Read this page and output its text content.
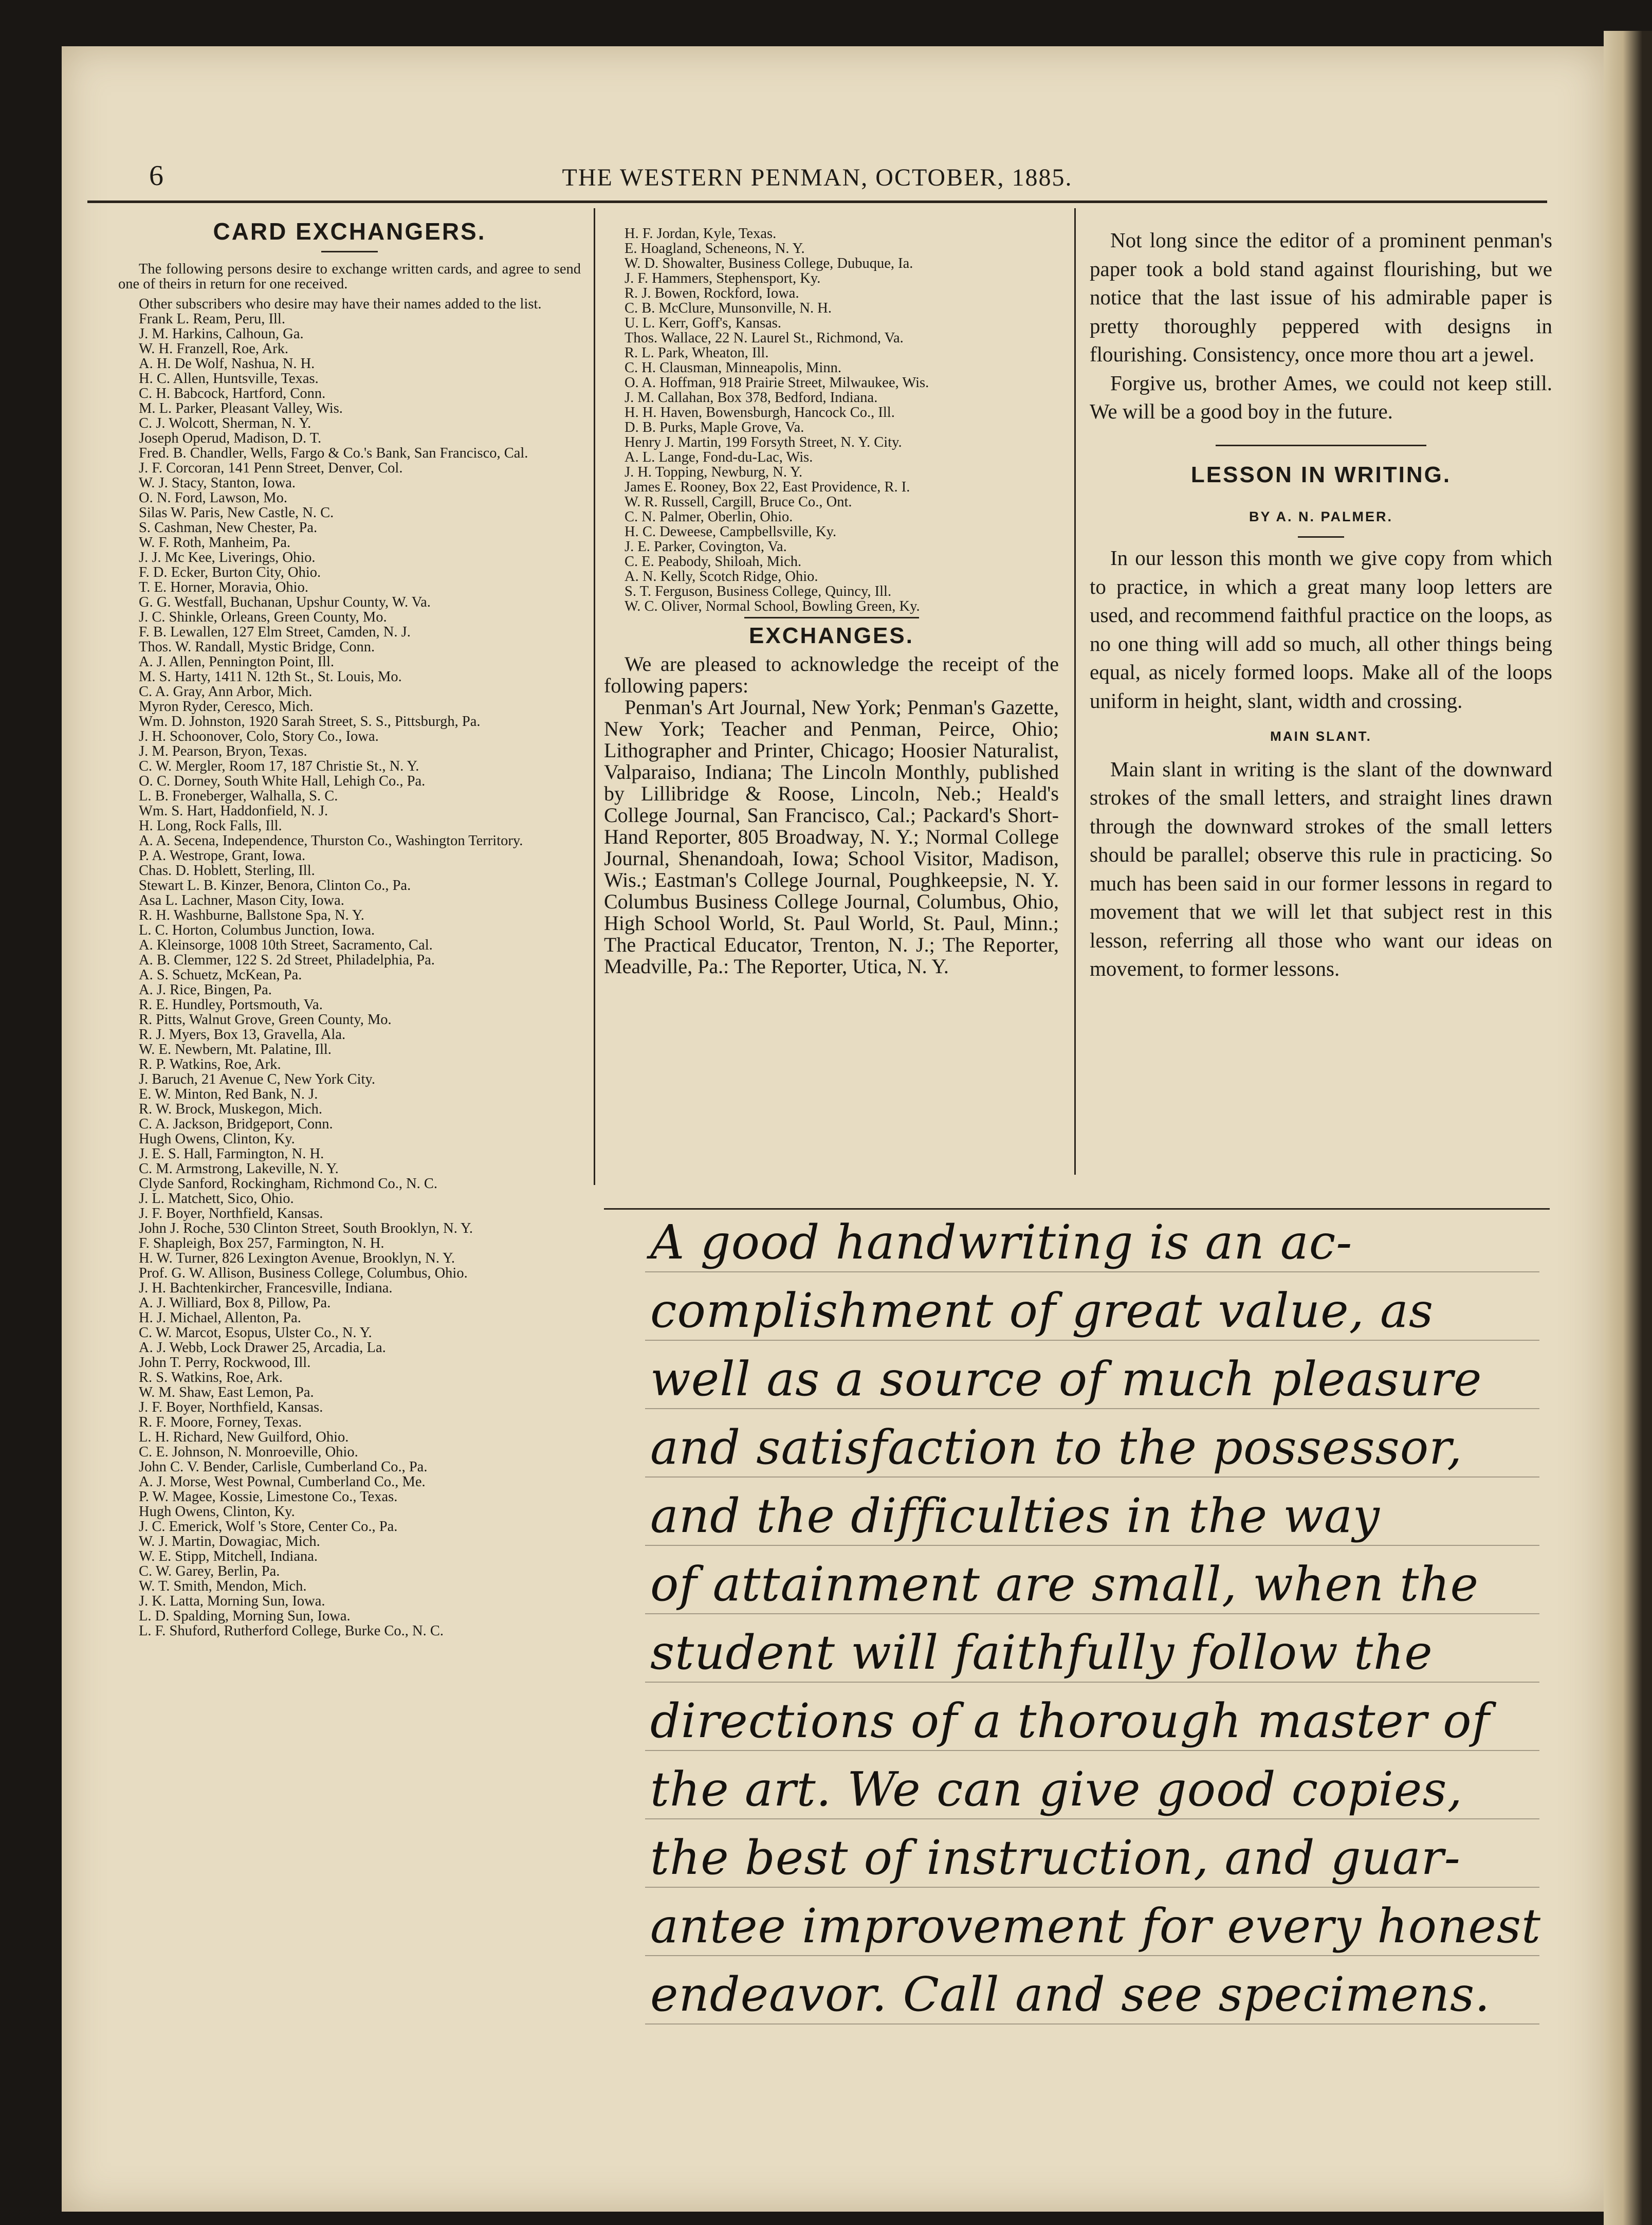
6	THE WESTERN PENMAN, OCTOBER, 1885.
CARD EXCHANGERS.

The following persons desire to exchange written cards, and agree to send one of theirs in return for one received.

Other subscribers who desire may have their names added to the list.

Frank L. Ream, Peru, Ill.
J. M. Harkins, Calhoun, Ga.
W. H. Franzell, Roe, Ark.
A. H. De Wolf, Nashua, N. H.
H. C. Allen, Huntsville, Texas.
C. H. Babcock, Hartford, Conn.
M. L. Parker, Pleasant Valley, Wis.
C. J. Wolcott, Sherman, N. Y.
Joseph Operud, Madison, D. T.
Fred. B. Chandler, Wells, Fargo & Co.'s Bank, San Francisco, Cal.
J. F. Corcoran, 141 Penn Street, Denver, Col.
W. J. Stacy, Stanton, Iowa.
O. N. Ford, Lawson, Mo.
Silas W. Paris, New Castle, N. C.
S. Cashman, New Chester, Pa.
W. F. Roth, Manheim, Pa.
J. J. Mc Kee, Liverings, Ohio.
F. D. Ecker, Burton City, Ohio.
T. E. Horner, Moravia, Ohio.
G. G. Westfall, Buchanan, Upshur County, W. Va.
J. C. Shinkle, Orleans, Green County, Mo.
F. B. Lewallen, 127 Elm Street, Camden, N. J.
Thos. W. Randall, Mystic Bridge, Conn.
A. J. Allen, Pennington Point, Ill.
M. S. Harty, 1411 N. 12th St., St. Louis, Mo.
C. A. Gray, Ann Arbor, Mich.
Myron Ryder, Ceresco, Mich.
Wm. D. Johnston, 1920 Sarah Street, S. S., Pittsburgh, Pa.
J. H. Schoonover, Colo, Story Co., Iowa.
J. M. Pearson, Bryon, Texas.
C. W. Mergler, Room 17, 187 Christie St., N. Y.
O. C. Dorney, South White Hall, Lehigh Co., Pa.
L. B. Froneberger, Walhalla, S. C.
Wm. S. Hart, Haddonfield, N. J.
H. Long, Rock Falls, Ill.
A. A. Secena, Independence, Thurston Co., Washington Territory.
P. A. Westrope, Grant, Iowa.
Chas. D. Hoblett, Sterling, Ill.
Stewart L. B. Kinzer, Benora, Clinton Co., Pa.
Asa L. Lachner, Mason City, Iowa.
R. H. Washburne, Ballstone Spa, N. Y.
L. C. Horton, Columbus Junction, Iowa.
A. Kleinsorge, 1008 10th Street, Sacramento, Cal.
A. B. Clemmer, 122 S. 2d Street, Philadelphia, Pa.
A. S. Schuetz, McKean, Pa.
A. J. Rice, Bingen, Pa.
R. E. Hundley, Portsmouth, Va.
R. Pitts, Walnut Grove, Green County, Mo.
R. J. Myers, Box 13, Gravella, Ala.
W. E. Newbern, Mt. Palatine, Ill.
R. P. Watkins, Roe, Ark.
J. Baruch, 21 Avenue C, New York City.
E. W. Minton, Red Bank, N. J.
R. W. Brock, Muskegon, Mich.
C. A. Jackson, Bridgeport, Conn.
Hugh Owens, Clinton, Ky.
J. E. S. Hall, Farmington, N. H.
C. M. Armstrong, Lakeville, N. Y.
Clyde Sanford, Rockingham, Richmond Co., N. C.
J. L. Matchett, Sico, Ohio.
J. F. Boyer, Northfield, Kansas.
John J. Roche, 530 Clinton Street, South Brooklyn, N. Y.
F. Shapleigh, Box 257, Farmington, N. H.
H. W. Turner, 826 Lexington Avenue, Brooklyn, N. Y.
Prof. G. W. Allison, Business College, Columbus, Ohio.
J. H. Bachtenkircher, Francesville, Indiana.
A. J. Williard, Box 8, Pillow, Pa.
H. J. Michael, Allenton, Pa.
C. W. Marcot, Esopus, Ulster Co., N. Y.
A. J. Webb, Lock Drawer 25, Arcadia, La.
John T. Perry, Rockwood, Ill.
R. S. Watkins, Roe, Ark.
W. M. Shaw, East Lemon, Pa.
J. F. Boyer, Northfield, Kansas.
R. F. Moore, Forney, Texas.
L. H. Richard, New Guilford, Ohio.
C. E. Johnson, N. Monroeville, Ohio.
John C. V. Bender, Carlisle, Cumberland Co., Pa.
A. J. Morse, West Pownal, Cumberland Co., Me.
P. W. Magee, Kossie, Limestone Co., Texas.
Hugh Owens, Clinton, Ky.
J. C. Emerick, Wolf 's Store, Center Co., Pa.
W. J. Martin, Dowagiac, Mich.
W. E. Stipp, Mitchell, Indiana.
C. W. Garey, Berlin, Pa.
W. T. Smith, Mendon, Mich.
J. K. Latta, Morning Sun, Iowa.
L. D. Spalding, Morning Sun, Iowa.
L. F. Shuford, Rutherford College, Burke Co., N. C.
H. F. Jordan, Kyle, Texas.
E. Hoagland, Scheneons, N. Y.
W. D. Showalter, Business College, Dubuque, Ia.
J. F. Hammers, Stephensport, Ky.
R. J. Bowen, Rockford, Iowa.
C. B. McClure, Munsonville, N. H.
U. L. Kerr, Goff's, Kansas.
Thos. Wallace, 22 N. Laurel St., Richmond, Va.
R. L. Park, Wheaton, Ill.
C. H. Clausman, Minneapolis, Minn.
O. A. Hoffman, 918 Prairie Street, Milwaukee, Wis.
J. M. Callahan, Box 378, Bedford, Indiana.
H. H. Haven, Bowensburgh, Hancock Co., Ill.
D. B. Purks, Maple Grove, Va.
Henry J. Martin, 199 Forsyth Street, N. Y. City.
A. L. Lange, Fond-du-Lac, Wis.
J. H. Topping, Newburg, N. Y.
James E. Rooney, Box 22, East Providence, R. I.
W. R. Russell, Cargill, Bruce Co., Ont.
C. N. Palmer, Oberlin, Ohio.
H. C. Deweese, Campbellsville, Ky.
J. E. Parker, Covington, Va.
C. E. Peabody, Shiloah, Mich.
A. N. Kelly, Scotch Ridge, Ohio.
S. T. Ferguson, Business College, Quincy, Ill.
W. C. Oliver, Normal School, Bowling Green, Ky.
EXCHANGES.

We are pleased to acknowledge the receipt of the following papers:

Penman's Art Journal, New York; Penman's Gazette, New York; Teacher and Penman, Peirce, Ohio; Lithographer and Printer, Chicago; Hoosier Naturalist, Valparaiso, Indiana; The Lincoln Monthly, published by Lillibridge & Roose, Lincoln, Neb.; Heald's College Journal, San Francisco, Cal.; Packard's Short-Hand Reporter, 805 Broadway, N. Y.; Normal College Journal, Shenandoah, Iowa; School Visitor, Madison, Wis.; Eastman's College Journal, Poughkeepsie, N. Y. Columbus Business College Journal, Columbus, Ohio, High School World, St. Paul World, St. Paul, Minn.; The Practical Educator, Trenton, N. J.; The Reporter, Meadville, Pa.: The Reporter, Utica, N. Y.

Not long since the editor of a prominent penman's paper took a bold stand against flourishing, but we notice that the last issue of his admirable paper is pretty thoroughly peppered with designs in flourishing. Consistency, once more thou art a jewel.

Forgive us, brother Ames, we could not keep still. We will be a good boy in the future.

LESSON IN WRITING.
BY A. N. PALMER.

In our lesson this month we give copy from which to practice, in which a great many loop letters are used, and recommend faithful practice on the loops, as no one thing will add so much, all other things being equal, as nicely formed loops. Make all of the loops uniform in height, slant, width and crossing.

MAIN SLANT.

Main slant in writing is the slant of the downward strokes of the small letters, and straight lines drawn through the downward strokes of the small letters should be parallel; observe this rule in practicing. So much has been said in our former lessons in regard to movement that we will let that subject rest in this lesson, referring all those who want our ideas on movement, to former lessons.

A good handwriting is an ac-
complishment of great value, as
well as a source of much pleasure
and satisfaction to the possessor,
and the difficulties in the way
of attainment are small, when the
student will faithfully follow the
directions of a thorough master of
the art. We can give good copies,
the best of instruction, and guar-
antee improvement for every honest
endeavor. Call and see specimens.
